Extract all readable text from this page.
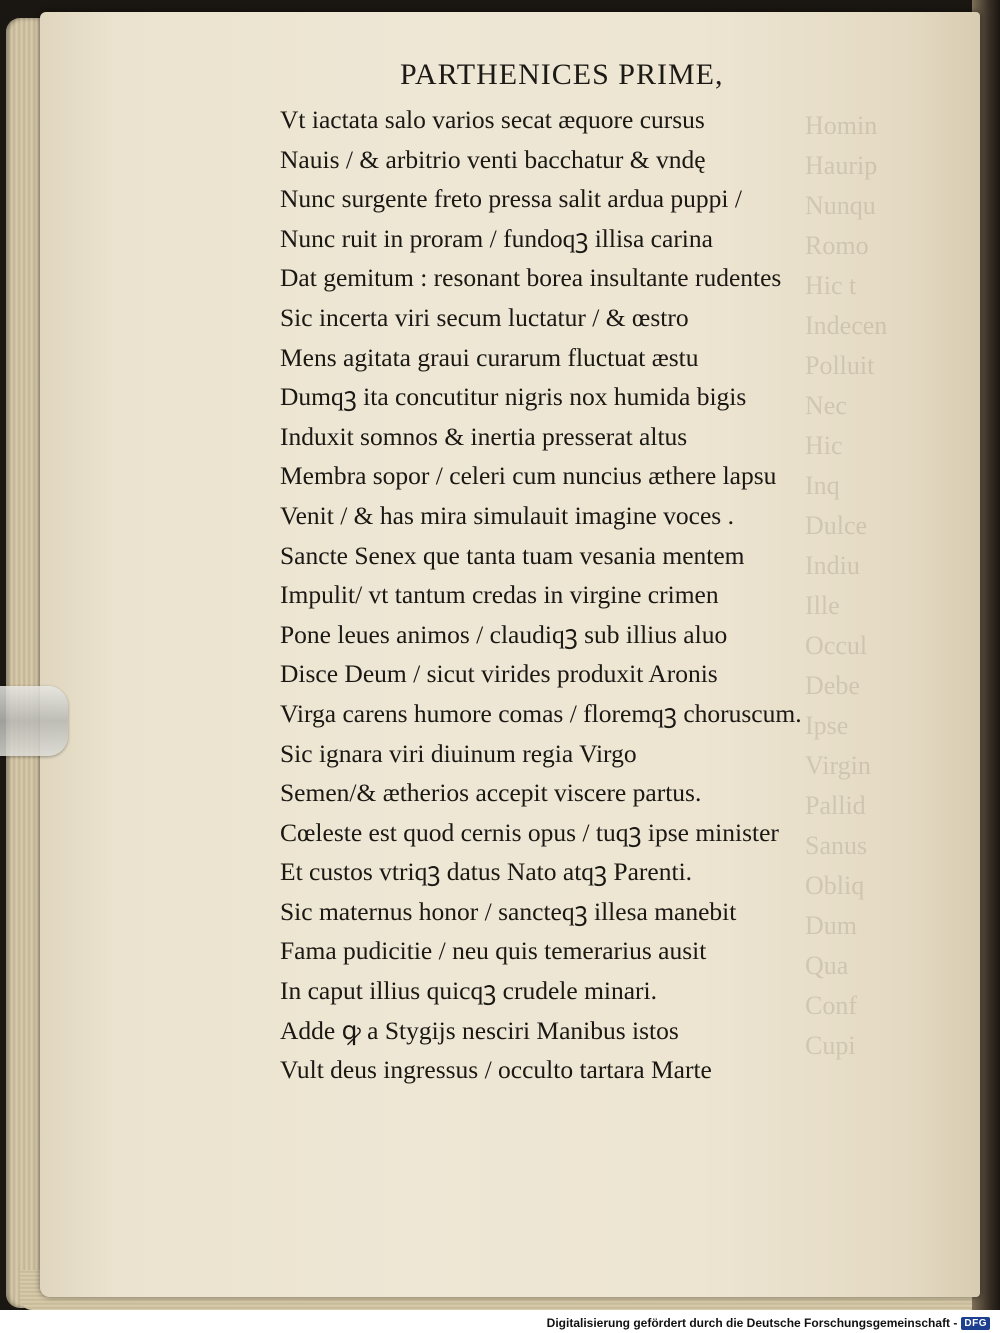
Homin
Haurip
Nunqu
Romo
Hic t
Indecen
Polluit
Nec
Hic
Inq
Dulce
Indiu
Ille
Occul
Debe
Ipse
Virgin
Pallid
Sanus
Obliq
Dum
Qua
Conf
Cupi
PARTHENICES PRIME,
Vt iactata salo varios secat æquore cursus
Nauis / & arbitrio venti bacchatur & vndę
Nunc surgente freto pressa salit ardua puppi /
Nunc ruit in proram / fundoqꝫ illisa carina
Dat gemitum : resonant borea insultante rudentes
Sic incerta viri secum luctatur / & œstro
Mens agitata graui curarum fluctuat æstu
Dumqꝫ ita concutitur nigris nox humida bigis
Induxit somnos & inertia presserat altus
Membra sopor / celeri cum nuncius æthere lapsu
Venit / & has mira simulauit imagine voces .
Sancte Senex que tanta tuam vesania mentem
Impulit/ vt tantum credas in virgine crimen
Pone leues animos / claudiqꝫ sub illius aluo
Disce Deum / sicut virides produxit Aronis
Virga carens humore comas / floremqꝫ choruscum.
Sic ignara viri diuinum regia Virgo
Semen/& ætherios accepit viscere partus.
Cœleste est quod cernis opus / tuqꝫ ipse minister
Et custos vtriqꝫ datus Nato atqꝫ Parenti.
Sic maternus honor / sancteqꝫ illesa manebit
Fama pudicitie / neu quis temerarius ausit
In caput illius quicqꝫ crudele minari.
Adde ꝙ a Stygijs nesciri Manibus istos
Vult deus ingressus / occulto tartara Marte
Digitalisierung gefördert durch die Deutsche Forschungsgemeinschaft - DFG
